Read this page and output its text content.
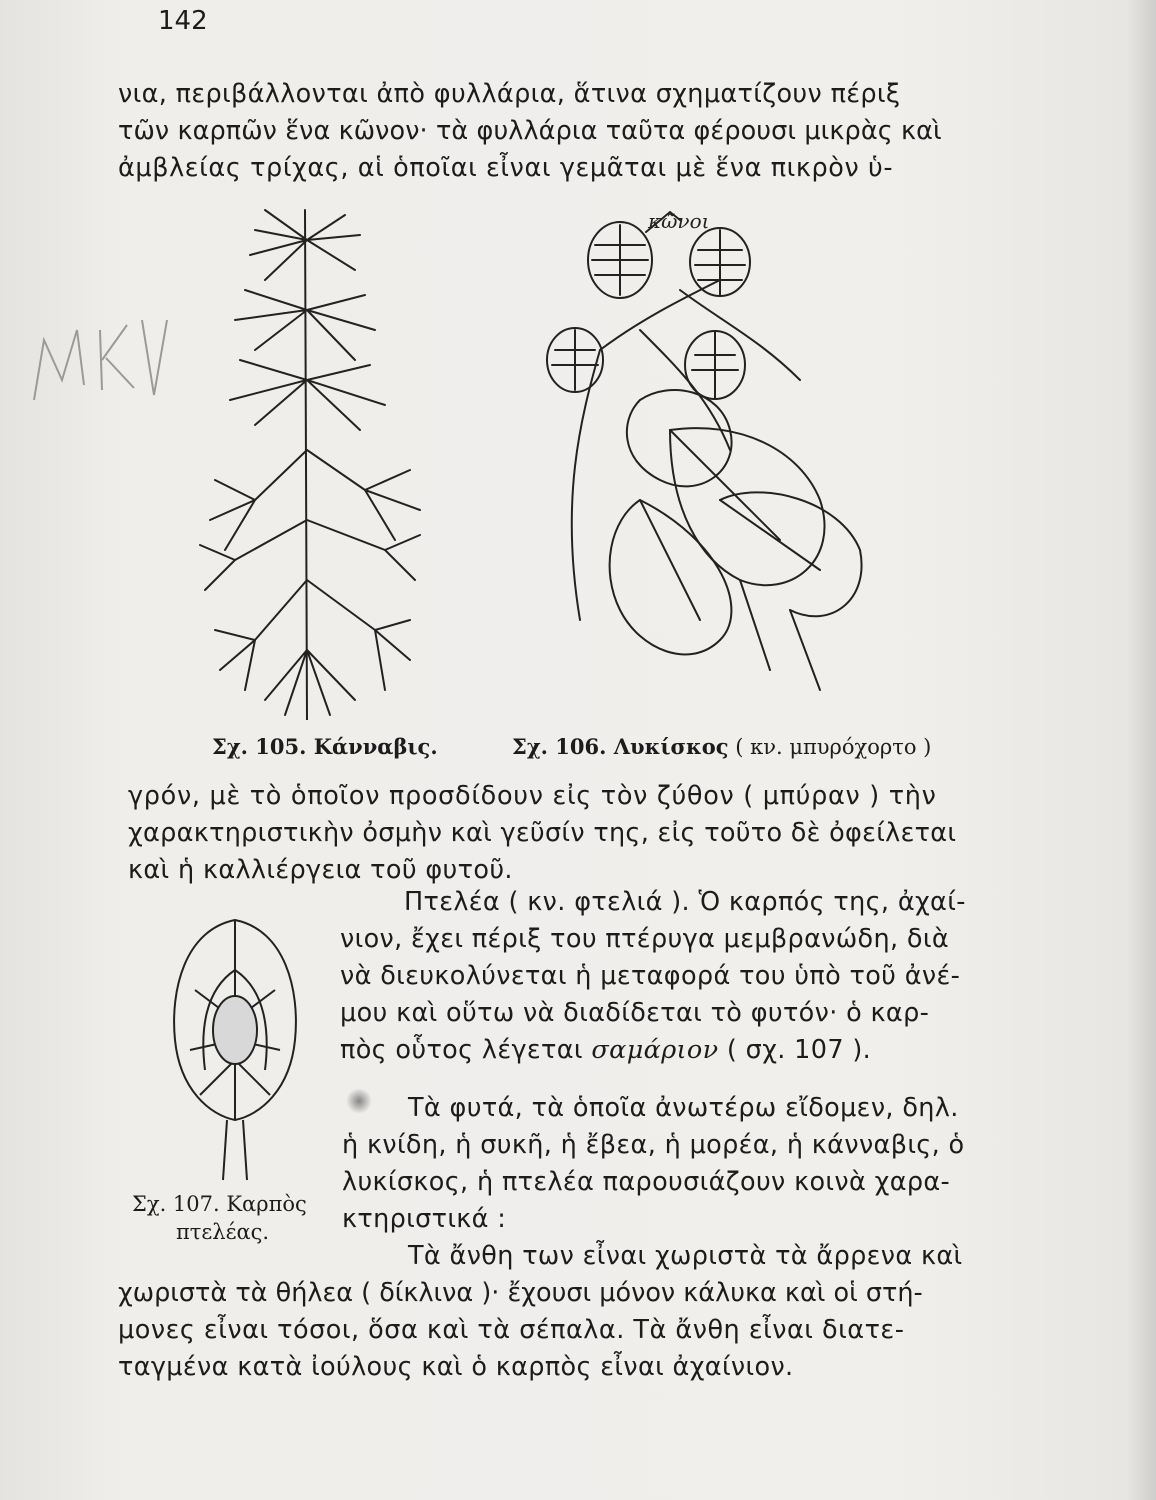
142
νια, περιβάλλονται ἀπὸ φυλλάρια, ἅτινα σχηματίζουν πέριξ
τῶν καρπῶν ἕνα κῶνον· τὰ φυλλάρια ταῦτα φέρουσι μικρὰς καὶ
ἀμβλείας τρίχας, αἱ ὁποῖαι εἶναι γεμᾶται μὲ ἕνα πικρὸν ὑ-
κῶνοι
Σχ. 105. Κάνναβις.	Σχ. 106. Λυκίσκος ( κν. μπυρόχορτο )
γρόν, μὲ τὸ ὁποῖον προσδίδουν εἰς τὸν ζύθον ( μπύραν ) τὴν
χαρακτηριστικὴν ὀσμὴν καὶ γεῦσίν της, εἰς τοῦτο δὲ ὀφείλεται
καὶ ἡ καλλιέργεια τοῦ φυτοῦ.
Πτελέα ( κν. φτελιά ). Ὁ καρπός της, ἀχαί-
νιον, ἔχει πέριξ του πτέρυγα μεμβρανώδη, διὰ
νὰ διευκολύνεται ἡ μεταφορά του ὑπὸ τοῦ ἀνέ-
μου καὶ οὕτω νὰ διαδίδεται τὸ φυτόν· ὁ καρ-
πὸς οὗτος λέγεται σαμάριον ( σχ. 107 ).
Σχ. 107. Καρπὸς
πτελέας.
Τὰ φυτά, τὰ ὁποῖα ἀνωτέρω εἴδομεν, δηλ.
ἡ κνίδη, ἡ συκῆ, ἡ ἔβεα, ἡ μορέα, ἡ κάνναβις, ὁ
λυκίσκος, ἡ πτελέα παρουσιάζουν κοινὰ χαρα-
κτηριστικά :
Τὰ ἄνθη των εἶναι χωριστὰ τὰ ἄρρενα καὶ
χωριστὰ τὰ θήλεα ( δίκλινα )· ἔχουσι μόνον κάλυκα καὶ οἱ στή-
μονες εἶναι τόσοι, ὅσα καὶ τὰ σέπαλα. Τὰ ἄνθη εἶναι διατε-
ταγμένα κατὰ ἰούλους καὶ ὁ καρπὸς εἶναι ἀχαίνιον.
